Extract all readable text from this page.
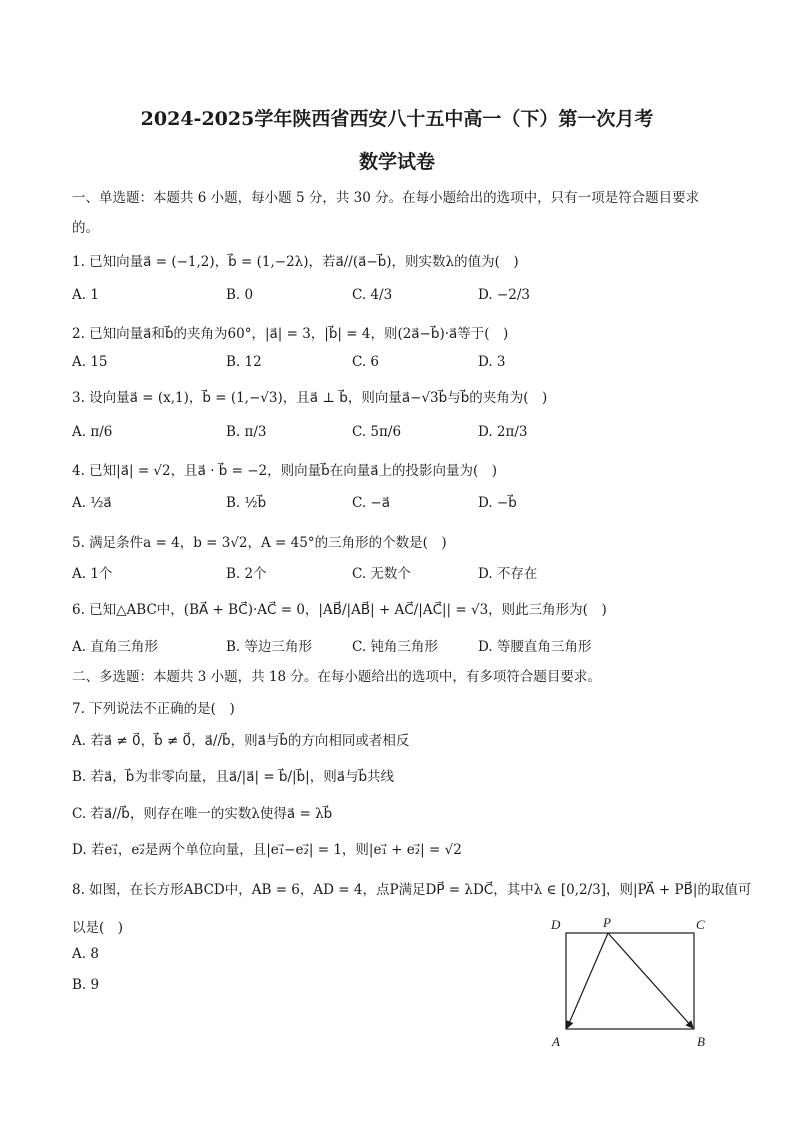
2024-2025学年陕西省西安八十五中高一（下）第一次月考
数学试卷
一、单选题：本题共 6 小题，每小题 5 分，共 30 分。在每小题给出的选项中，只有一项是符合题目要求
的。
1. 已知向量a⃗ = (−1,2)，b⃗ = (1,−2λ)，若a⃗//(a⃗−b⃗)，则实数λ的值为(　)
A. 1	B. 0	C. 4/3	D. −2/3
2. 已知向量a⃗和b⃗的夹角为60°，|a⃗| = 3，|b⃗| = 4，则(2a⃗−b⃗)·a⃗等于(　)
A. 15	B. 12	C. 6	D. 3
3. 设向量a⃗ = (x,1)，b⃗ = (1,−√3)，且a⃗ ⊥ b⃗，则向量a⃗−√3b⃗与b⃗的夹角为(　)
A. π/6	B. π/3	C. 5π/6	D. 2π/3
4. 已知|a⃗| = √2，且a⃗ · b⃗ = −2，则向量b⃗在向量a⃗上的投影向量为(　)
A. ½a⃗	B. ½b⃗	C. −a⃗	D. −b⃗
5. 满足条件a = 4，b = 3√2，A = 45°的三角形的个数是(　)
A. 1个	B. 2个	C. 无数个	D. 不存在
6. 已知△ABC中，(BA⃗ + BC⃗)·AC⃗ = 0，|AB⃗/|AB⃗| + AC⃗/|AC⃗|| = √3，则此三角形为(　)
A. 直角三角形	B. 等边三角形	C. 钝角三角形	D. 等腰直角三角形
二、多选题：本题共 3 小题，共 18 分。在每小题给出的选项中，有多项符合题目要求。
7. 下列说法不正确的是(　)
A. 若a⃗ ≠ 0⃗，b⃗ ≠ 0⃗，a⃗//b⃗，则a⃗与b⃗的方向相同或者相反
B. 若a⃗，b⃗为非零向量，且a⃗/|a⃗| = b⃗/|b⃗|，则a⃗与b⃗共线
C. 若a⃗//b⃗，则存在唯一的实数λ使得a⃗ = λb⃗
D. 若e₁⃗，e₂⃗是两个单位向量，且|e₁⃗−e₂⃗| = 1，则|e₁⃗ + e₂⃗| = √2
8. 如图，在长方形ABCD中，AB = 6，AD = 4，点P满足DP⃗ = λDC⃗，其中λ ∈ [0,2/3]，则|PA⃗ + PB⃗|的取值可
以是(　)
A. 8
B. 9
D	P	C
A	B
